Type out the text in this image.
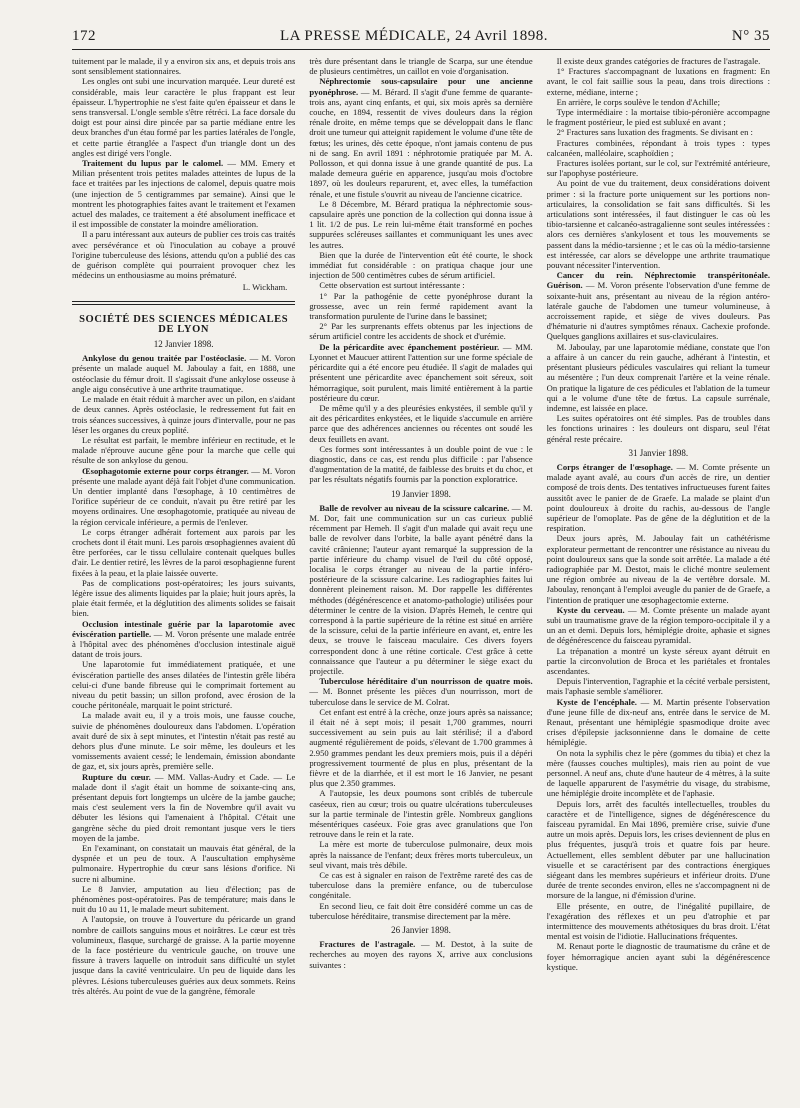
172	LA PRESSE MÉDICALE, 24 Avril 1898.	N° 35

tuitement par le malade, il y a environ six ans, et depuis trois ans sont sensiblement stationnaires.

Les ongles ont subi une incurvation marquée. Leur dureté est considérable, mais leur caractère le plus frappant est leur épaisseur. L'hypertrophie ne s'est faite qu'en épaisseur et dans le sens transversal. L'ongle semble s'être rétréci. La face dorsale du doigt est pour ainsi dire pincée par sa partie médiane entre les deux branches d'un étau formé par les parties latérales de l'ongle, et cette partie étranglée a l'aspect d'un triangle dont un des angles est dirigé vers l'ongle.

Traitement du lupus par le calomel. — MM. Emery et Milian présentent trois petites malades atteintes de lupus de la face et traitées par les injections de calomel, depuis quatre mois (une injection de 5 centigrammes par semaine). Ainsi que le montrent les photographies faites avant le traitement et l'examen actuel des malades, ce traitement a été absolument inefficace et il est impossible de constater la moindre amélioration.

Il a paru intéressant aux auteurs de publier ces trois cas traités avec persévérance et où l'inoculation au cobaye a prouvé l'origine tuberculeuse des lésions, attendu qu'on a publié des cas de guérison complète qui pourraient provoquer chez les médecins un enthousiasme au moins prématuré.

L. Wickham.

SOCIÉTÉ DES SCIENCES MÉDICALES DE LYON

12 Janvier 1898.

Ankylose du genou traitée par l'ostéoclasie. — M. Voron présente un malade auquel M. Jaboulay a fait, en 1888, une ostéoclasie du fémur droit. Il s'agissait d'une ankylose osseuse à angle aigu consécutive à une arthrite traumatique.

Le malade en était réduit à marcher avec un pilon, en s'aidant de deux cannes. Après ostéoclasie, le redressement fut fait en trois séances successives, à quinze jours d'intervalle, pour ne pas léser les organes du creux poplité.

Le résultat est parfait, le membre inférieur en rectitude, et le malade n'éprouve aucune gêne pour la marche que celle qui résulte de son ankylose du genou.

Œsophagotomie externe pour corps étranger. — M. Voron présente une malade ayant déjà fait l'objet d'une communication. Un dentier implanté dans l'œsophage, à 10 centimètres de l'orifice supérieur de ce conduit, n'avait pu être retiré par les moyens ordinaires. Une œsophagotomie, pratiquée au niveau de la région cervicale inférieure, a permis de l'enlever.

Le corps étranger adhérait fortement aux parois par les crochets dont il était muni. Les parois œsophagiennes avaient dû être perforées, car le tissu cellulaire contenait quelques bulles d'air. Le dentier retiré, les lèvres de la paroi œsophagienne furent fixées à la peau, et la plaie laissée ouverte.

Pas de complications post-opératoires; les jours suivants, légère issue des aliments liquides par la plaie; huit jours après, la plaie était fermée, et la déglutition des aliments solides se faisait bien.

Occlusion intestinale guérie par la laparotomie avec éviscération partielle. — M. Voron présente une malade entrée à l'hôpital avec des phénomènes d'occlusion intestinale aiguë datant de trois jours.

Une laparotomie fut immédiatement pratiquée, et une éviscération partielle des anses dilatées de l'intestin grêle libéra celui-ci d'une bande fibreuse qui le comprimait fortement au niveau du petit bassin; un sillon profond, avec érosion de la couche péritonéale, marquait le point stricturé.

La malade avait eu, il y a trois mois, une fausse couche, suivie de phénomènes douloureux dans l'abdomen. L'opération avait duré de six à sept minutes, et l'intestin n'était pas resté au dehors plus d'une minute. Le soir même, les douleurs et les vomissements avaient cessé; le lendemain, émission abondante de gaz, et, six jours après, première selle.

Rupture du cœur. — MM. Vallas-Audry et Cade. — Le malade dont il s'agit était un homme de soixante-cinq ans, présentant depuis fort longtemps un ulcère de la jambe gauche; mais c'est seulement vers la fin de Novembre qu'il avait vu débuter les lésions qui l'amenaient à l'hôpital. C'était une gangrène sèche du pied droit remontant jusque vers le tiers moyen de la jambe.

En l'examinant, on constatait un mauvais état général, de la dyspnée et un peu de toux. A l'auscultation emphysème pulmonaire. Hypertrophie du cœur sans lésions d'orifice. Ni sucre ni albumine.

Le 8 Janvier, amputation au lieu d'élection; pas de phénomènes post-opératoires. Pas de température; mais dans le nuit du 10 au 11, le malade meurt subitement.

A l'autopsie, on trouve à l'ouverture du péricarde un grand nombre de caillots sanguins mous et noirâtres. Le cœur est très volumineux, flasque, surchargé de graisse. A la partie moyenne de la face postérieure du ventricule gauche, on trouve une fissure à travers laquelle on introduit sans difficulté un stylet jusque dans la cavité ventriculaire. Un peu de liquide dans les plèvres. Lésions tuberculeuses guéries aux deux sommets. Reins très altérés. Au point de vue de la gangrène, fémorale

très dure présentant dans le triangle de Scarpa, sur une étendue de plusieurs centimètres, un caillot en voie d'organisation.

Néphrectomie sous-capsulaire pour une ancienne pyonéphrose. — M. Bérard. Il s'agit d'une femme de quarante-trois ans, ayant cinq enfants, et qui, six mois après sa dernière couche, en 1894, ressentit de vives douleurs dans la région rénale droite, en même temps que se développait dans le flanc droit une tumeur qui atteignit rapidement le volume d'une tête de fœtus; les urines, dès cette époque, n'ont jamais contenu de pus ni de sang. En avril 1891 : néphrotomie pratiquée par M. A. Pollosson, et qui donna issue à une grande quantité de pus. La malade demeura guérie en apparence, jusqu'au mois d'octobre 1897, où les douleurs reparurent, et, avec elles, la tuméfaction rénale, et une fistule s'ouvrit au niveau de l'ancienne cicatrice.

Le 8 Décembre, M. Bérard pratiqua la néphrectomie sous-capsulaire après une ponction de la collection qui donna issue à 1 lit. 1/2 de pus. Le rein lui-même était transformé en poches suppurées scléreuses saillantes et communiquant les unes avec les autres.

Bien que la durée de l'intervention eût été courte, le shock immédiat fut considérable : on pratiqua chaque jour une injection de 500 centimètres cubes de sérum artificiel.

Cette observation est surtout intéressante :

1° Par la pathogénie de cette pyonéphrose durant la grossesse, avec un rein fermé rapidement avant la transformation purulente de l'urine dans le bassinet;

2° Par les surprenants effets obtenus par les injections de sérum artificiel contre les accidents de shock et d'urémie.

De la péricardite avec épanchement postérieur. — MM. Lyonnet et Maucuer attirent l'attention sur une forme spéciale de péricardite qui a été encore peu étudiée. Il s'agit de malades qui présentent une péricardite avec épanchement soit séreux, soit hémorragique, soit purulent, mais limité entièrement à la partie postérieure du cœur.

De même qu'il y a des pleurésies enkystées, il semble qu'il y ait des péricardites enkystées, et le liquide s'accumule en arrière parce que des adhérences anciennes ou récentes ont soudé les deux feuillets en avant.

Ces formes sont intéressantes à un double point de vue : le diagnostic, dans ce cas, est rendu plus difficile : par l'absence d'augmentation de la matité, de faiblesse des bruits et du choc, et par les résultats négatifs fournis par la ponction exploratrice.

19 Janvier 1898.

Balle de revolver au niveau de la scissure calcarine. — M. M. Dor, fait une communication sur un cas curieux publié récemment par Hemeh. Il s'agit d'un malade qui avait reçu une balle de revolver dans l'orbite, la balle ayant pénétré dans la cavité crânienne; l'auteur ayant remarqué la suppression de la partie inférieure du champ visuel de l'œil du côté opposé, localisa le corps étranger au niveau de la partie inféro-postérieure de la scissure calcarine. Les radiographies faites lui donnèrent pleinement raison. M. Dor rappelle les différentes méthodes (dégénérescence et anatomo-pathologie) utilisées pour déterminer le centre de la vision. D'après Hemeh, le centre qui correspond à la partie supérieure de la rétine est situé en arrière de la scissure, celui de la partie inférieure en avant, et, entre les deux, se trouve le faisceau maculaire. Ces divers foyers correspondent donc à une rétine corticale. C'est grâce à cette connaissance que l'auteur a pu déterminer le siège exact du projectile.

Tuberculose héréditaire d'un nourrisson de quatre mois. — M. Bonnet présente les pièces d'un nourrisson, mort de tuberculose dans le service de M. Colrat.

Cet enfant est entré à la crèche, onze jours après sa naissance; il était né à sept mois; il pesait 1,700 grammes, nourri successivement au sein puis au lait stérilisé; il a d'abord augmenté régulièrement de poids, s'élevant de 1.700 grammes à 2.950 grammes pendant les deux premiers mois, puis il a dépéri progressivement tourmenté de plus en plus, présentant de la fièvre et de la diarrhée, et il est mort le 16 Janvier, ne pesant plus que 2.350 grammes.

A l'autopsie, les deux poumons sont criblés de tubercule caséeux, rien au cœur; trois ou quatre ulcérations tuberculeuses sur la partie terminale de l'intestin grêle. Nombreux ganglions mésentériques caséeux. Foie gras avec granulations que l'on retrouve dans le rein et la rate.

La mère est morte de tuberculose pulmonaire, deux mois après la naissance de l'enfant; deux frères morts tuberculeux, un seul vivant, mais très débile.

Ce cas est à signaler en raison de l'extrême rareté des cas de tuberculose dans la première enfance, ou de tuberculose congénitale.

En second lieu, ce fait doit être considéré comme un cas de tuberculose héréditaire, transmise directement par la mère.

26 Janvier 1898.

Fractures de l'astragale. — M. Destot, à la suite de recherches au moyen des rayons X, arrive aux conclusions suivantes :

Il existe deux grandes catégories de fractures de l'astragale.

1° Fractures s'accompagnant de luxations en fragment: En avant, le col fait saillie sous la peau, dans trois directions : externe, médiane, interne ;

En arrière, le corps soulève le tendon d'Achille;

Type intermédiaire : la mortaise tibio-péronière accompagne le fragment postérieur, le pied est subluxé en avant ;

2° Fractures sans luxation des fragments. Se divisant en :

Fractures combinées, répondant à trois types : types calcanéen, malléolaire, scaphoïdien ;

Fractures isolées portant, sur le col, sur l'extrémité antérieure, sur l'apophyse postérieure.

Au point de vue du traitement, deux considérations doivent primer : si la fracture porte uniquement sur les portions non-articulaires, la consolidation se fait sans difficultés. Si les articulations sont intéressées, il faut distinguer le cas où les tibio-tarsienne et calcanéo-astragalienne sont seules intéressées : alors ces dernières s'ankylosent et tous les mouvements se passent dans la médio-tarsienne ; et le cas où la médio-tarsienne est intéressée, car alors se développe une arthrite traumatique pouvant nécessiter l'intervention.

Cancer du rein. Néphrectomie transpéritonéale. Guérison. — M. Voron présente l'observation d'une femme de soixante-huit ans, présentant au niveau de la région antéro-latérale gauche de l'abdomen une tumeur volumineuse, à accroissement rapide, et siège de vives douleurs. Pas d'hématurie ni d'autres symptômes rénaux. Cachexie profonde. Quelques ganglions axillaires et sus-claviculaires.

M. Jaboulay, par une laparotomie médiane, constate que l'on a affaire à un cancer du rein gauche, adhérant à l'intestin, et présentant plusieurs pédicules vasculaires qui reliant la tumeur au mésentère ; l'un deux comprenait l'artère et la veine rénale. On pratique la ligature de ces pédicules et l'ablation de la tumeur qui a le volume d'une tête de fœtus. La capsule surrénale, indemne, est laissée en place.

Les suites opératoires ont été simples. Pas de troubles dans les fonctions urinaires : les douleurs ont disparu, seul l'état général reste précaire.

31 Janvier 1898.

Corps étranger de l'œsophage. — M. Comte présente un malade ayant avalé, au cours d'un accès de rire, un dentier composé de trois dents. Des tentatives infructueuses furent faites aussitôt avec le panier de de Graefe. La malade se plaint d'un point douloureux à droite du rachis, au-dessous de l'angle supérieur de l'omoplate. Pas de gêne de la déglutition et de la respiration.

Deux jours après, M. Jaboulay fait un cathétérisme explorateur permettant de rencontrer une résistance au niveau du point douloureux sans que la sonde soit arrêtée. La malade a été radiographiée par M. Destot, mais le cliché montre seulement une région ombrée au niveau de la 4e vertèbre dorsale. M. Jaboulay, renonçant à l'emploi aveugle du panier de de Graefe, a l'intention de pratiquer une œsophagectomie externe.

Kyste du cerveau. — M. Comte présente un malade ayant subi un traumatisme grave de la région temporo-occipitale il y a un an et demi. Depuis lors, hémiplégie droite, aphasie et signes de dégénérescence du faisceau pyramidal.

La trépanation a montré un kyste séreux ayant détruit en partie la circonvolution de Broca et les pariétales et frontales ascendantes.

Depuis l'intervention, l'agraphie et la cécité verbale persistent, mais l'aphasie semble s'améliorer.

Kyste de l'encéphale. — M. Martin présente l'observation d'une jeune fille de dix-neuf ans, entrée dans le service de M. Renaut, présentant une hémiplégie spasmodique droite avec crises d'épilepsie jacksonnienne dans le domaine de cette hémiplégie.

On nota la syphilis chez le père (gommes du tibia) et chez la mère (fausses couches multiples), mais rien au point de vue personnel. A neuf ans, chute d'une hauteur de 4 mètres, à la suite de laquelle apparurent de l'asymétrie du visage, du strabisme, une hémiplégie droite incomplète et de l'aphasie.

Depuis lors, arrêt des facultés intellectuelles, troubles du caractère et de l'intelligence, signes de dégénérescence du faisceau pyramidal. En Mai 1896, première crise, suivie d'une autre un mois après. Depuis lors, les crises deviennent de plus en plus fréquentes, jusqu'à trois et quatre fois par heure. Actuellement, elles semblent débuter par une hallucination visuelle et se caractérisent par des contractions énergiques siégeant dans les membres supérieurs et inférieur droits. D'une durée de trente secondes environ, elles ne s'accompagnent ni de morsure de la langue, ni d'émission d'urine.

Elle présente, en outre, de l'inégalité pupillaire, de l'exagération des réflexes et un peu d'atrophie et par intermittence des mouvements athétosiques du bras droit. L'état mental est voisin de l'idiotie. Hallucinations fréquentes.

M. Renaut porte le diagnostic de traumatisme du crâne et de foyer hémorragique ancien ayant subi la dégénérescence kystique.
